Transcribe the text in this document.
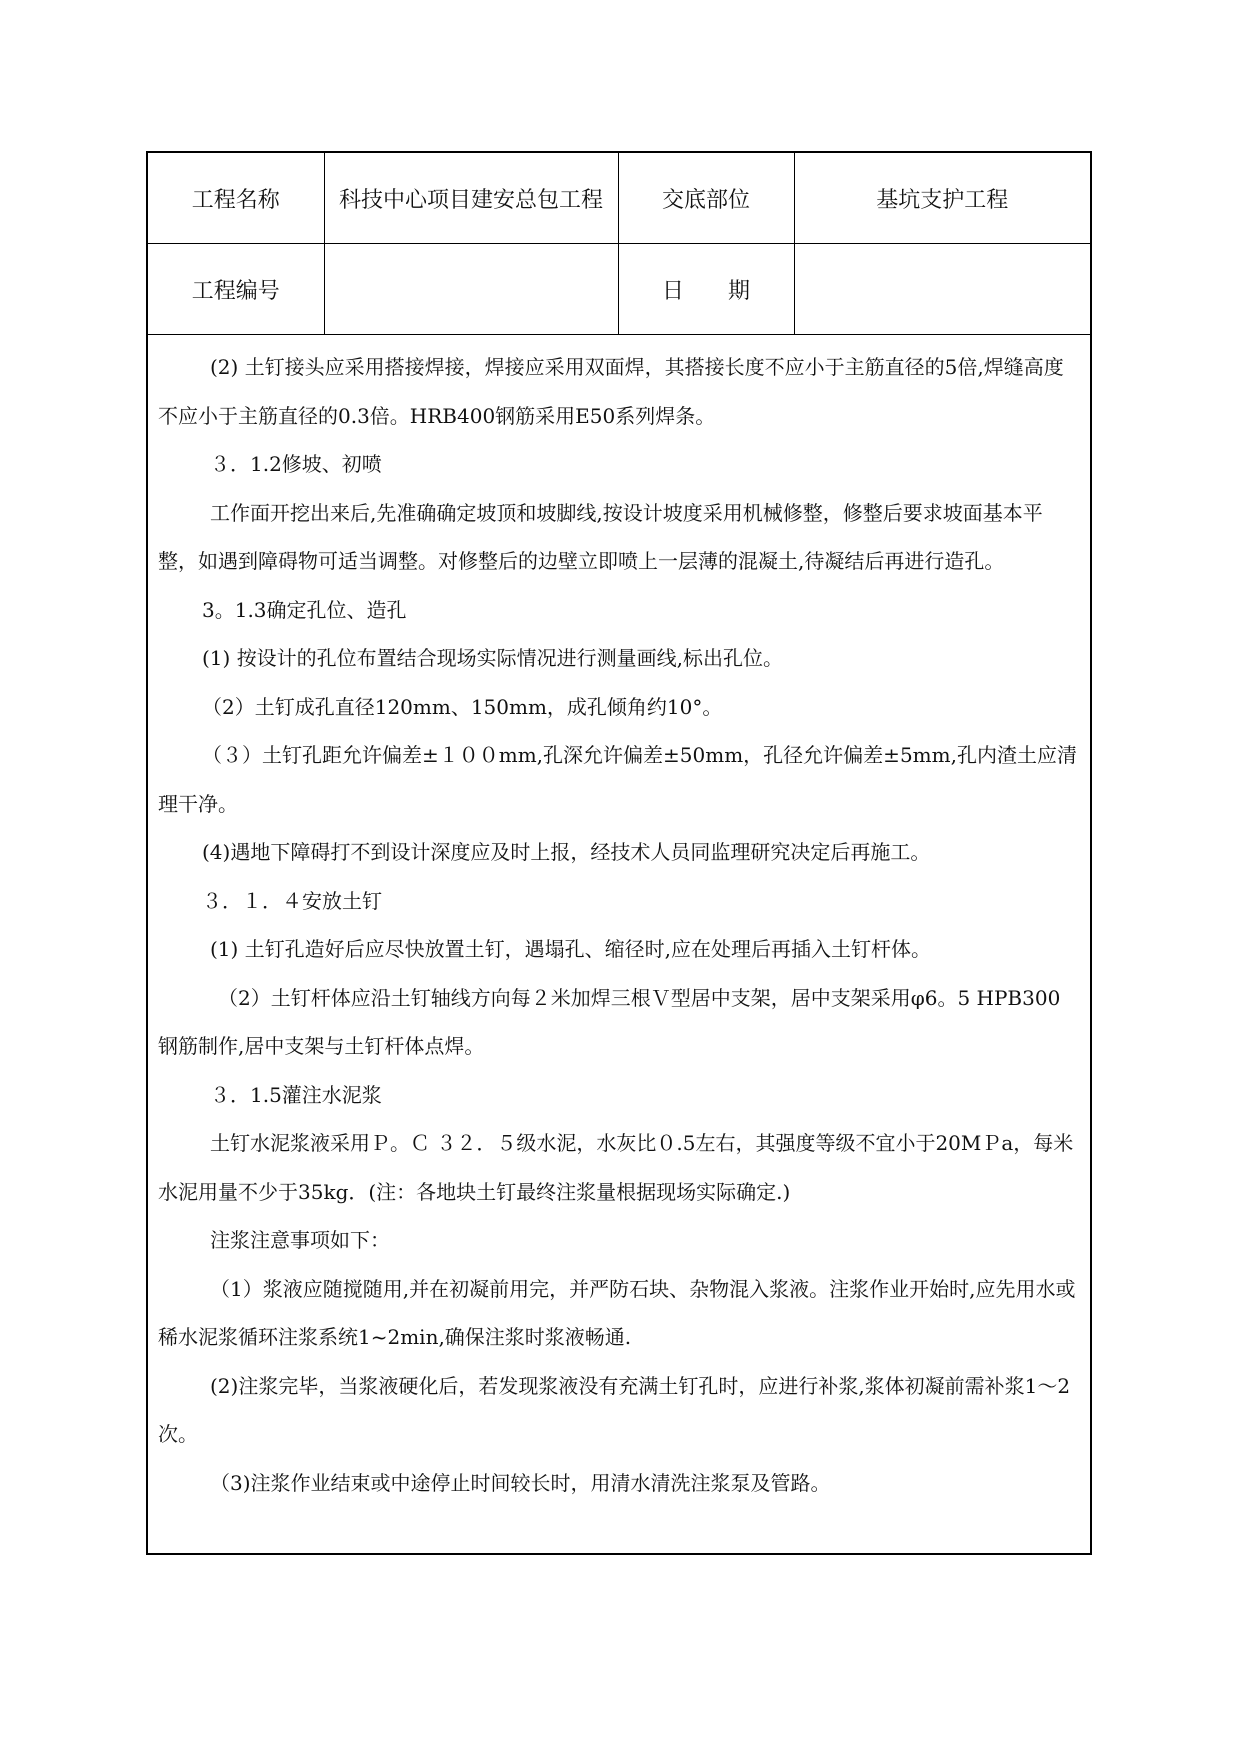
工程名称	科技中心项目建安总包工程	交底部位	基坑支护工程
工程编号		日　　期	

(2) 土钉接头应采用搭接焊接，焊接应采用双面焊，其搭接长度不应小于主筋直径的5倍,焊缝高度不应小于主筋直径的0.3倍。HRB400钢筋采用E50系列焊条。

３．1.2修坡、初喷

工作面开挖出来后,先准确确定坡顶和坡脚线,按设计坡度采用机械修整，修整后要求坡面基本平整，如遇到障碍物可适当调整。对修整后的边壁立即喷上一层薄的混凝土,待凝结后再进行造孔。

3。1.3确定孔位、造孔

(1) 按设计的孔位布置结合现场实际情况进行测量画线,标出孔位。

（2）土钉成孔直径120mm、150mm，成孔倾角约10°。

（３）土钉孔距允许偏差±１００mm,孔深允许偏差±50mm，孔径允许偏差±5mm,孔内渣土应清理干净。

(4)遇地下障碍打不到设计深度应及时上报，经技术人员同监理研究决定后再施工。

３．１．４安放土钉

(1) 土钉孔造好后应尽快放置土钉，遇塌孔、缩径时,应在处理后再插入土钉杆体。

（2）土钉杆体应沿土钉轴线方向每２米加焊三根Ｖ型居中支架，居中支架采用φ6。5 HPB300钢筋制作,居中支架与土钉杆体点焊。

３．1.5灌注水泥浆

土钉水泥浆液采用Ｐ。Ｃ ３２．５级水泥，水灰比０.5左右，其强度等级不宜小于20MＰa，每米水泥用量不少于35kg．(注：各地块土钉最终注浆量根据现场实际确定.)

注浆注意事项如下：

（1）浆液应随搅随用,并在初凝前用完，并严防石块、杂物混入浆液。注浆作业开始时,应先用水或稀水泥浆循环注浆系统1~2min,确保注浆时浆液畅通.

(2)注浆完毕，当浆液硬化后，若发现浆液没有充满土钉孔时，应进行补浆,浆体初凝前需补浆1～2次。

（3)注浆作业结束或中途停止时间较长时，用清水清洗注浆泵及管路。
